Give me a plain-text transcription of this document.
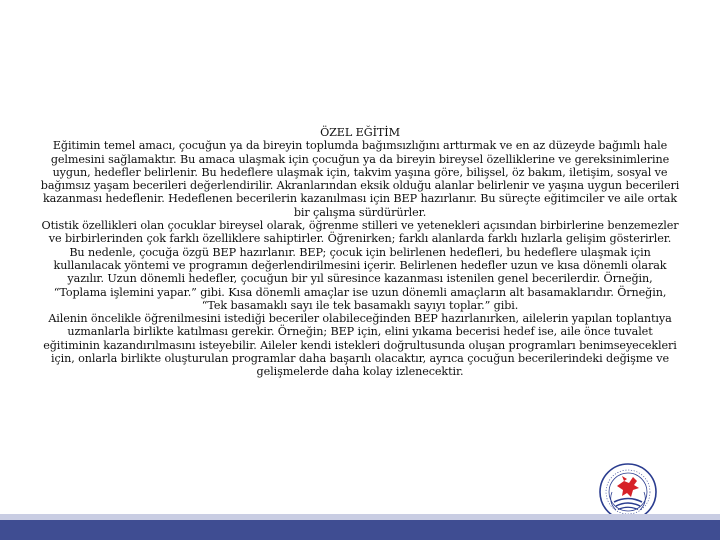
ÖZEL EĞİTİM

Eğitimin temel amacı, çocuğun ya da bireyin toplumda bağımsızlığını arttırmak ve en az düzeyde bağımlı hale gelmesini sağlamaktır. Bu amaca ulaşmak için çocuğun ya da bireyin bireysel özelliklerine ve gereksinimlerine uygun, hedefler belirlenir. Bu hedeflere ulaşmak için, takvim yaşına göre, bilişsel, öz bakım, iletişim, sosyal ve bağımsız yaşam becerileri değerlendirilir. Akranlarından eksik olduğu alanlar belirlenir ve yaşına uygun becerileri kazanması hedeflenir. Hedeflenen becerilerin kazanılması için BEP hazırlanır. Bu süreçte eğitimciler ve aile ortak bir çalışma sürdürürler.

Otistik özellikleri olan çocuklar bireysel olarak, öğrenme stilleri ve yetenekleri açısından birbirlerine benzemezler ve birbirlerinden çok farklı özelliklere sahiptirler. Öğrenirken; farklı alanlarda farklı hızlarla gelişim gösterirler. Bu nedenle, çocuğa özgü BEP hazırlanır. BEP; çocuk için belirlenen hedefleri, bu hedeflere ulaşmak için kullanılacak yöntemi ve programın değerlendirilmesini içerir. Belirlenen hedefler uzun ve kısa dönemli olarak yazılır. Uzun dönemli hedefler, çocuğun bir yıl süresince kazanması istenilen genel becerilerdir. Örneğin, “Toplama işlemini yapar.” gibi. Kısa dönemli amaçlar ise uzun dönemli amaçların alt basamaklarıdır. Örneğin, “Tek basamaklı sayı ile tek basamaklı sayıyı toplar.” gibi.

Ailenin öncelikle öğrenilmesini istediği beceriler olabileceğinden BEP hazırlanırken, ailelerin yapılan toplantıya uzmanlarla birlikte katılması gerekir. Örneğin; BEP için, elini yıkama becerisi hedef ise, aile önce tuvalet eğitiminin kazandırılmasını isteyebilir. Aileler kendi istekleri doğrultusunda oluşan programları benimseyecekleri için, onlarla birlikte oluşturulan programlar daha başarılı olacaktır, ayrıca çocuğun becerilerindeki değişme ve gelişmelerde daha kolay izlenecektir.
